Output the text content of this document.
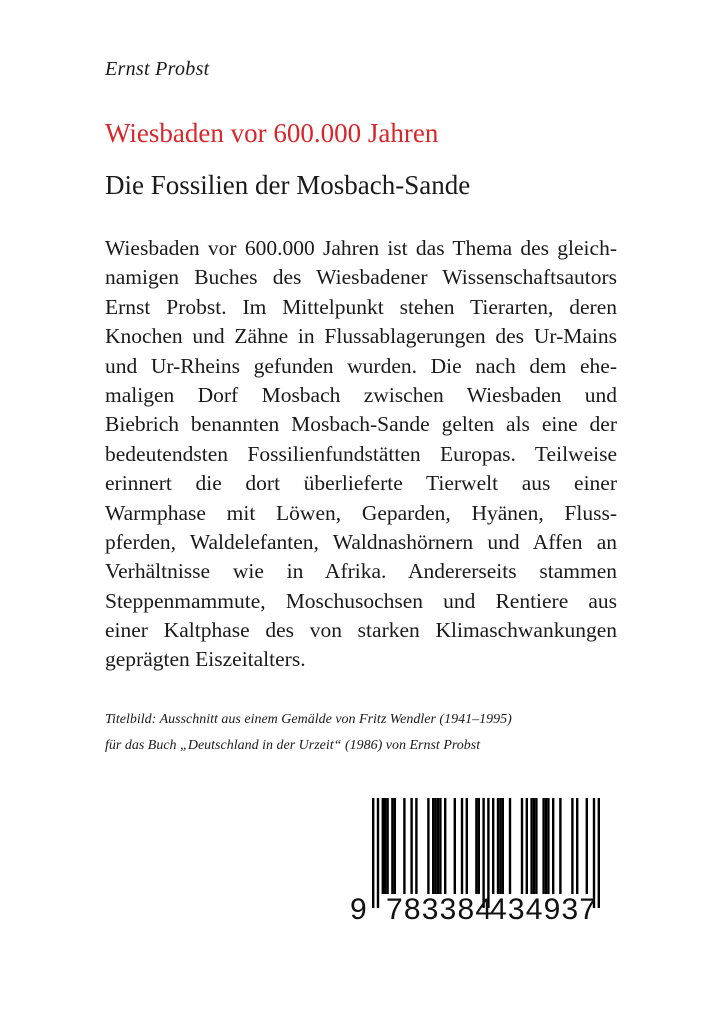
Ernst Probst
Wiesbaden vor 600.000 Jahren
Die Fossilien der Mosbach-Sande
Wiesbaden vor 600.000 Jahren ist das Thema des gleich-
namigen Buches des Wiesbadener Wissenschaftsautors
Ernst Probst. Im Mittelpunkt stehen Tierarten, deren
Knochen und Zähne in Flussablagerungen des Ur-Mains
und Ur-Rheins gefunden wurden. Die nach dem ehe-
maligen Dorf Mosbach zwischen Wiesbaden und
Biebrich benannten Mosbach-Sande gelten als eine der
bedeutendsten Fossilienfundstätten Europas. Teilweise
erinnert die dort überlieferte Tierwelt aus einer
Warmphase mit Löwen, Geparden, Hyänen, Fluss-
pferden, Waldelefanten, Waldnashörnern und Affen an
Verhältnisse wie in Afrika. Andererseits stammen
Steppenmammute, Moschusochsen und Rentiere aus
einer Kaltphase des von starken Klimaschwankungen
geprägten Eiszeitalters.
Titelbild: Ausschnitt aus einem Gemälde von Fritz Wendler (1941–1995)
für das Buch „Deutschland in der Urzeit“ (1986) von Ernst Probst
9 783384
434937
